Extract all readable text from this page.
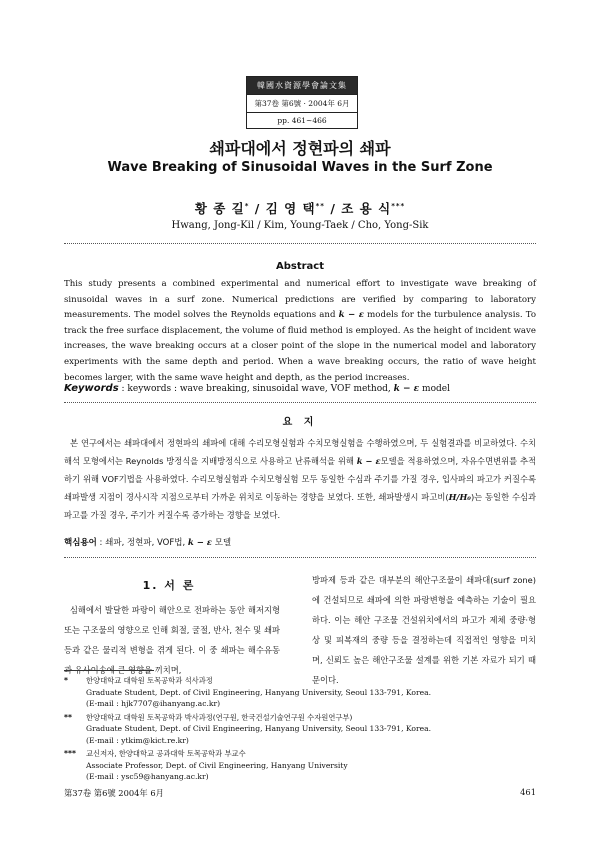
韓國水資源學會論文集
第37卷 第6號 · 2004年 6月
pp. 461~466
쇄파대에서 정현파의 쇄파
Wave Breaking of Sinusoidal Waves in the Surf Zone
황 종 길* / 김 영 택** / 조 용 식***
Hwang, Jong-Kil / Kim, Young-Taek / Cho, Yong-Sik
Abstract
This study presents a combined experimental and numerical effort to investigate wave breaking of sinusoidal waves in a surf zone. Numerical predictions are verified by comparing to laboratory measurements. The model solves the Reynolds equations and k − ε models for the turbulence analysis. To track the free surface displacement, the volume of fluid method is employed. As the height of incident wave increases, the wave breaking occurs at a closer point of the slope in the numerical model and laboratory experiments with the same depth and period. When a wave breaking occurs, the ratio of wave height becomes larger, with the same wave height and depth, as the period increases.
Keywords : keywords : wave breaking, sinusoidal wave, VOF method, k − ε model
요 지
본 연구에서는 쇄파대에서 정현파의 쇄파에 대해 수리모형실험과 수치모형실험을 수행하였으며, 두 실험결과를 비교하였다. 수치해석 모형에서는 Reynolds 방정식을 지배방정식으로 사용하고 난류해석을 위해 k − ε모델을 적용하였으며, 자유수면변위를 추적하기 위해 VOF기법을 사용하였다. 수리모형실험과 수치모형실험 모두 동일한 수심과 주기를 가질 경우, 입사파의 파고가 커질수록 쇄파발생 지점이 경사시작 지점으로부터 가까운 위치로 이동하는 경향을 보였다. 또한, 쇄파발생시 파고비(H/H₀)는 동일한 수심과 파고를 가질 경우, 주기가 커질수록 증가하는 경향을 보였다.
핵심용어 : 쇄파, 정현파, VOF법, k − ε 모델
1. 서 론
심해에서 발달한 파랑이 해안으로 전파하는 동안 해저지형 또는 구조물의 영향으로 인해 회절, 굴절, 반사, 천수 및 쇄파 등과 같은 물리적 변형을 겪게 된다. 이 중 쇄파는 해수유동과 유사이송에 큰 영향을 끼치며,
방파제 등과 같은 대부분의 해안구조물이 쇄파대(surf zone)에 건설되므로 쇄파에 의한 파랑변형을 예측하는 기술이 필요하다. 이는 해안 구조물 건설위치에서의 파고가 제체 중량·형상 및 피복재의 중량 등을 결정하는데 직접적인 영향을 미치며, 신뢰도 높은 해안구조물 설계를 위한 기본 자료가 되기 때문이다.
*	한양대학교 대학원 토목공학과 석사과정
Graduate Student, Dept. of Civil Engineering, Hanyang University, Seoul 133-791, Korea.
(E-mail : hjk7707@ihanyang.ac.kr)
**	한양대학교 대학원 토목공학과 박사과정(연구원, 한국건설기술연구원 수자원연구부)
Graduate Student, Dept. of Civil Engineering, Hanyang University, Seoul 133-791, Korea.
(E-mail : ytkim@kict.re.kr)
***	교신저자, 한양대학교 공과대학 토목공학과 부교수
Associate Professor, Dept. of Civil Engineering, Hanyang University
(E-mail : ysc59@hanyang.ac.kr)
第37卷 第6號 2004年 6月	461
